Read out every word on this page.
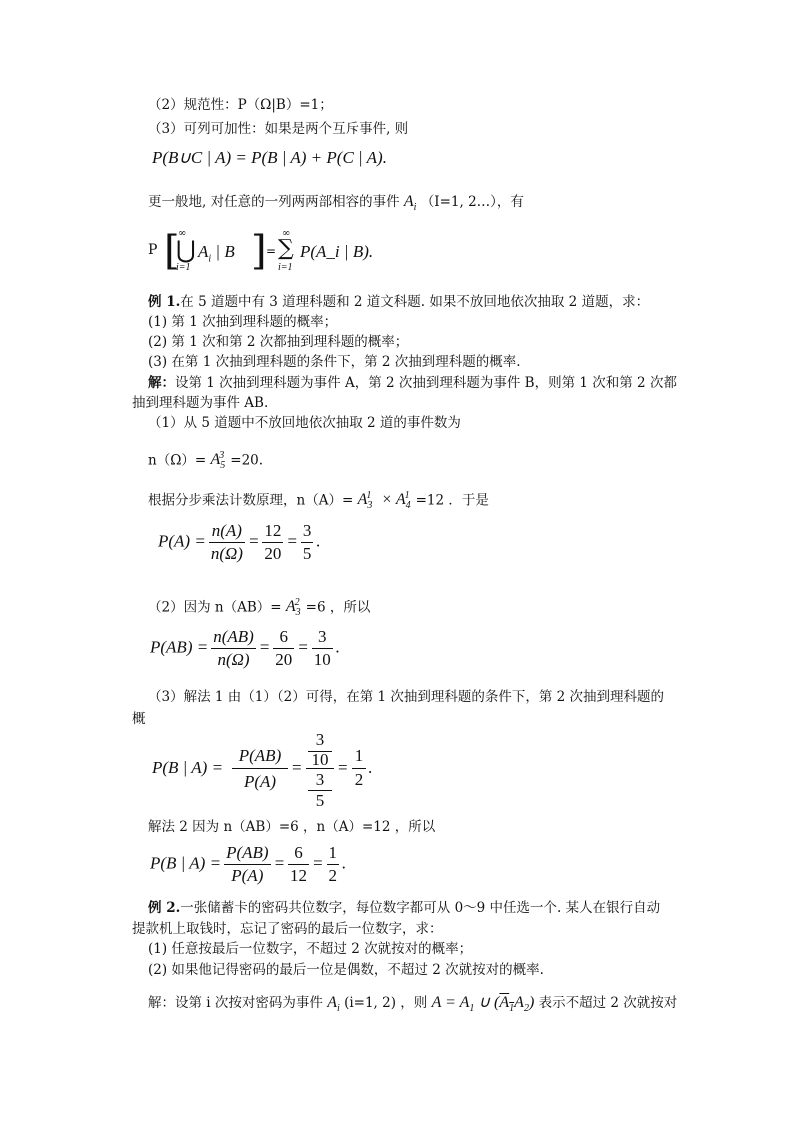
（2）规范性：P（Ω|B）=1；
（3）可列可加性：如果是两个互斥事件, 则
P(B∪C | A) = P(B | A) + P(C | A).
更一般地, 对任意的一列两两部相容的事件 $A_i$ （I=1, 2…），有
P [
∞
⋃
i=1
$A_i$ | B ] =
∞
∑
i=1
P(A_i | B).
例 1.在 5 道题中有 3 道理科题和 2 道文科题. 如果不放回地依次抽取 2 道题，求：
(1) 第 1 次抽到理科题的概率；
(2) 第 1 次和第 2 次都抽到理科题的概率；
(3) 在第 1 次抽到理科题的条件下，第 2 次抽到理科题的概率.
解：设第 1 次抽到理科题为事件 A，第 2 次抽到理科题为事件 B，则第 1 次和第 2 次都
抽到理科题为事件 AB.
（1）从 5 道题中不放回地依次抽取 2 道的事件数为
$n(\Omega)= A_5^3 =20$.
根据分步乘法计数原理，$n(A)= A_3^1 \times A_4^1 =12$ ．于是
$P(A) = \frac{n(A)}{n(\Omega)} = \frac{12}{20} = \frac{3}{5}$ .
（2）因为 $n(AB)= A_3^2 =6$ ，所以
$P(AB) = \frac{n(AB)}{n(\Omega)} = \frac{6}{20} = \frac{3}{10}$ .
（3）解法 1 由（1）（2）可得，在第 1 次抽到理科题的条件下，第 2 次抽到理科题的
概
P(B | A) =
P(AB)
P(A)
=
3
10
3
5
=
1
2
.
解法 2 因为 n（AB）=6 ，n（A）=12 ，所以
P(B | $A) = \frac{P(AB)}{P(A)} = \frac{6}{12} = \frac{1}{2}$ .
例 2.一张储蓄卡的密码共位数字，每位数字都可从 0～9 中任选一个. 某人在银行自动
提款机上取钱时，忘记了密码的最后一位数字，求：
(1) 任意按最后一位数字，不超过 2 次就按对的概率；
(2) 如果他记得密码的最后一位是偶数，不超过 2 次就按对的概率.
解：设第 i 次按对密码为事件 $A_i$ (i=1, 2) ，则 $A = A_1$ ∪ $(A_1A_2)$ 表示不超过 2 次就按对
